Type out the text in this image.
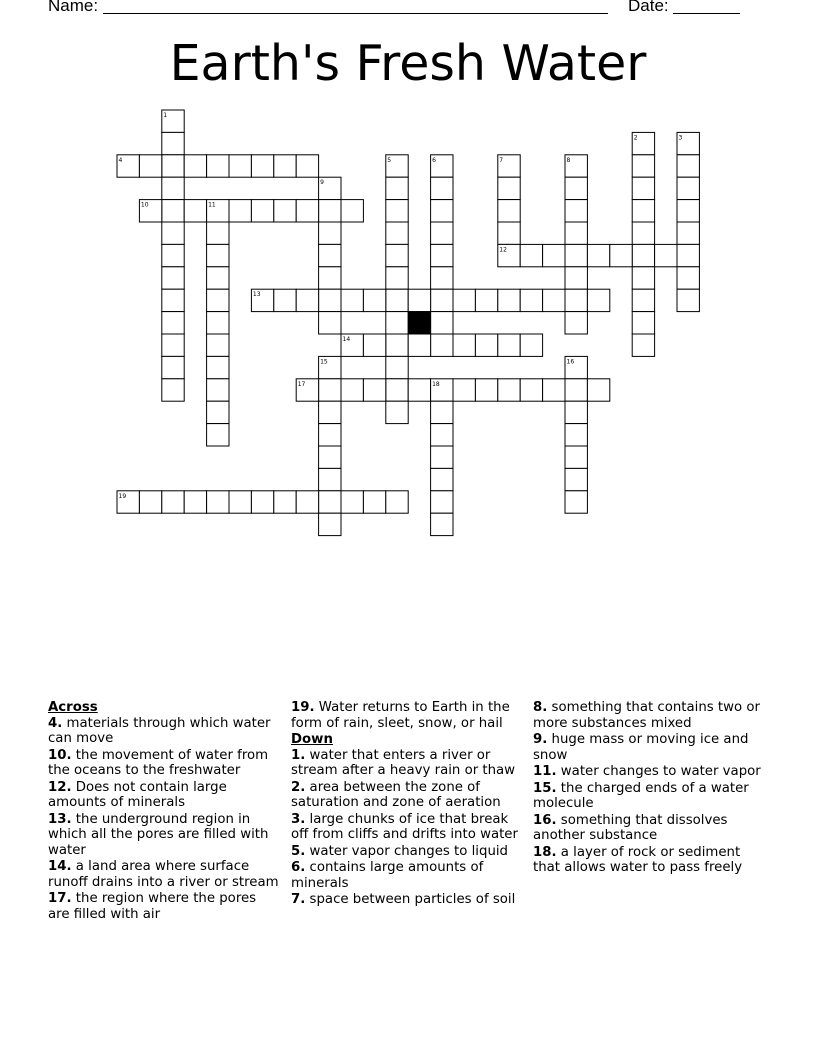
Name:	Date:
Earth's Fresh Water
1
2	3
4	5	6	7	8
9
10	11
12
13
14
15	16
17	18
19

Across

4. materials through which water can move

10. the movement of water from the oceans to the freshwater

12. Does not contain large amounts of minerals

13. the underground region in which all the pores are filled with water

14. a land area where surface runoff drains into a river or stream

17. the region where the pores are filled with air

19. Water returns to Earth in the form of rain, sleet, snow, or hail

Down

1. water that enters a river or stream after a heavy rain or thaw

2. area between the zone of saturation and zone of aeration

3. large chunks of ice that break off from cliffs and drifts into water

5. water vapor changes to liquid

6. contains large amounts of minerals

7. space between particles of soil

8. something that contains two or more substances mixed

9. huge mass or moving ice and snow

11. water changes to water vapor

15. the charged ends of a water molecule

16. something that dissolves another substance

18. a layer of rock or sediment that allows water to pass freely
